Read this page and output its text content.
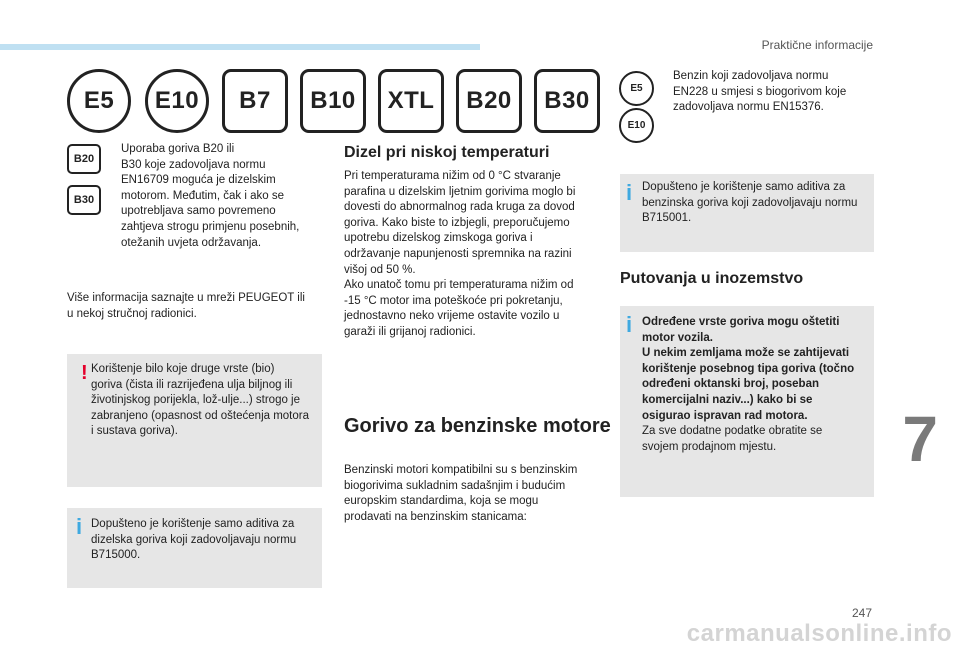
Praktične informacije
E5	E10	B7	B10	XTL	B20	B30
B20
B30
Uporaba goriva B20 ili
B30 koje zadovoljava normu
EN16709 moguća je dizelskim
motorom. Međutim, čak i ako se
upotrebljava samo povremeno
zahtjeva strogu primjenu posebnih,
otežanih uvjeta održavanja.
Više informacija saznajte u mreži PEUGEOT ili
u nekoj stručnoj radionici.
! Korištenje bilo koje druge vrste (bio)
goriva (čista ili razrijeđena ulja biljnog ili
životinjskog porijekla, lož-ulje...) strogo je
zabranjeno (opasnost od oštećenja motora
i sustava goriva).
i Dopušteno je korištenje samo aditiva za
dizelska goriva koji zadovoljavaju normu
B715000.
Dizel pri niskoj temperaturi
Pri temperaturama nižim od 0 °C stvaranje
parafina u dizelskim ljetnim gorivima moglo bi
dovesti do abnormalnog rada kruga za dovod
goriva. Kako biste to izbjegli, preporučujemo
upotrebu dizelskog zimskoga goriva i
održavanje napunjenosti spremnika na razini
višoj od 50 %.
Ako unatoč tomu pri temperaturama nižim od
-15 °C motor ima poteškoće pri pokretanju,
jednostavno neko vrijeme ostavite vozilo u
garaži ili grijanoj radionici.
Gorivo za benzinske motore
Benzinski motori kompatibilni su s benzinskim
biogorivima sukladnim sadašnjim i budućim
europskim standardima, koja se mogu
prodavati na benzinskim stanicama:
E5
E10
Benzin koji zadovoljava normu
EN228 u smjesi s biogorivom koje
zadovoljava normu EN15376.
i Dopušteno je korištenje samo aditiva za
benzinska goriva koji zadovoljavaju normu
B715001.
Putovanja u inozemstvo
i Određene vrste goriva mogu oštetiti
motor vozila.
U nekim zemljama može se zahtijevati
korištenje posebnog tipa goriva (točno
određeni oktanski broj, poseban
komercijalni naziv...) kako bi se
osigurao ispravan rad motora.
Za sve dodatne podatke obratite se
svojem prodajnom mjestu.	7
247
carmanualsonline.info
